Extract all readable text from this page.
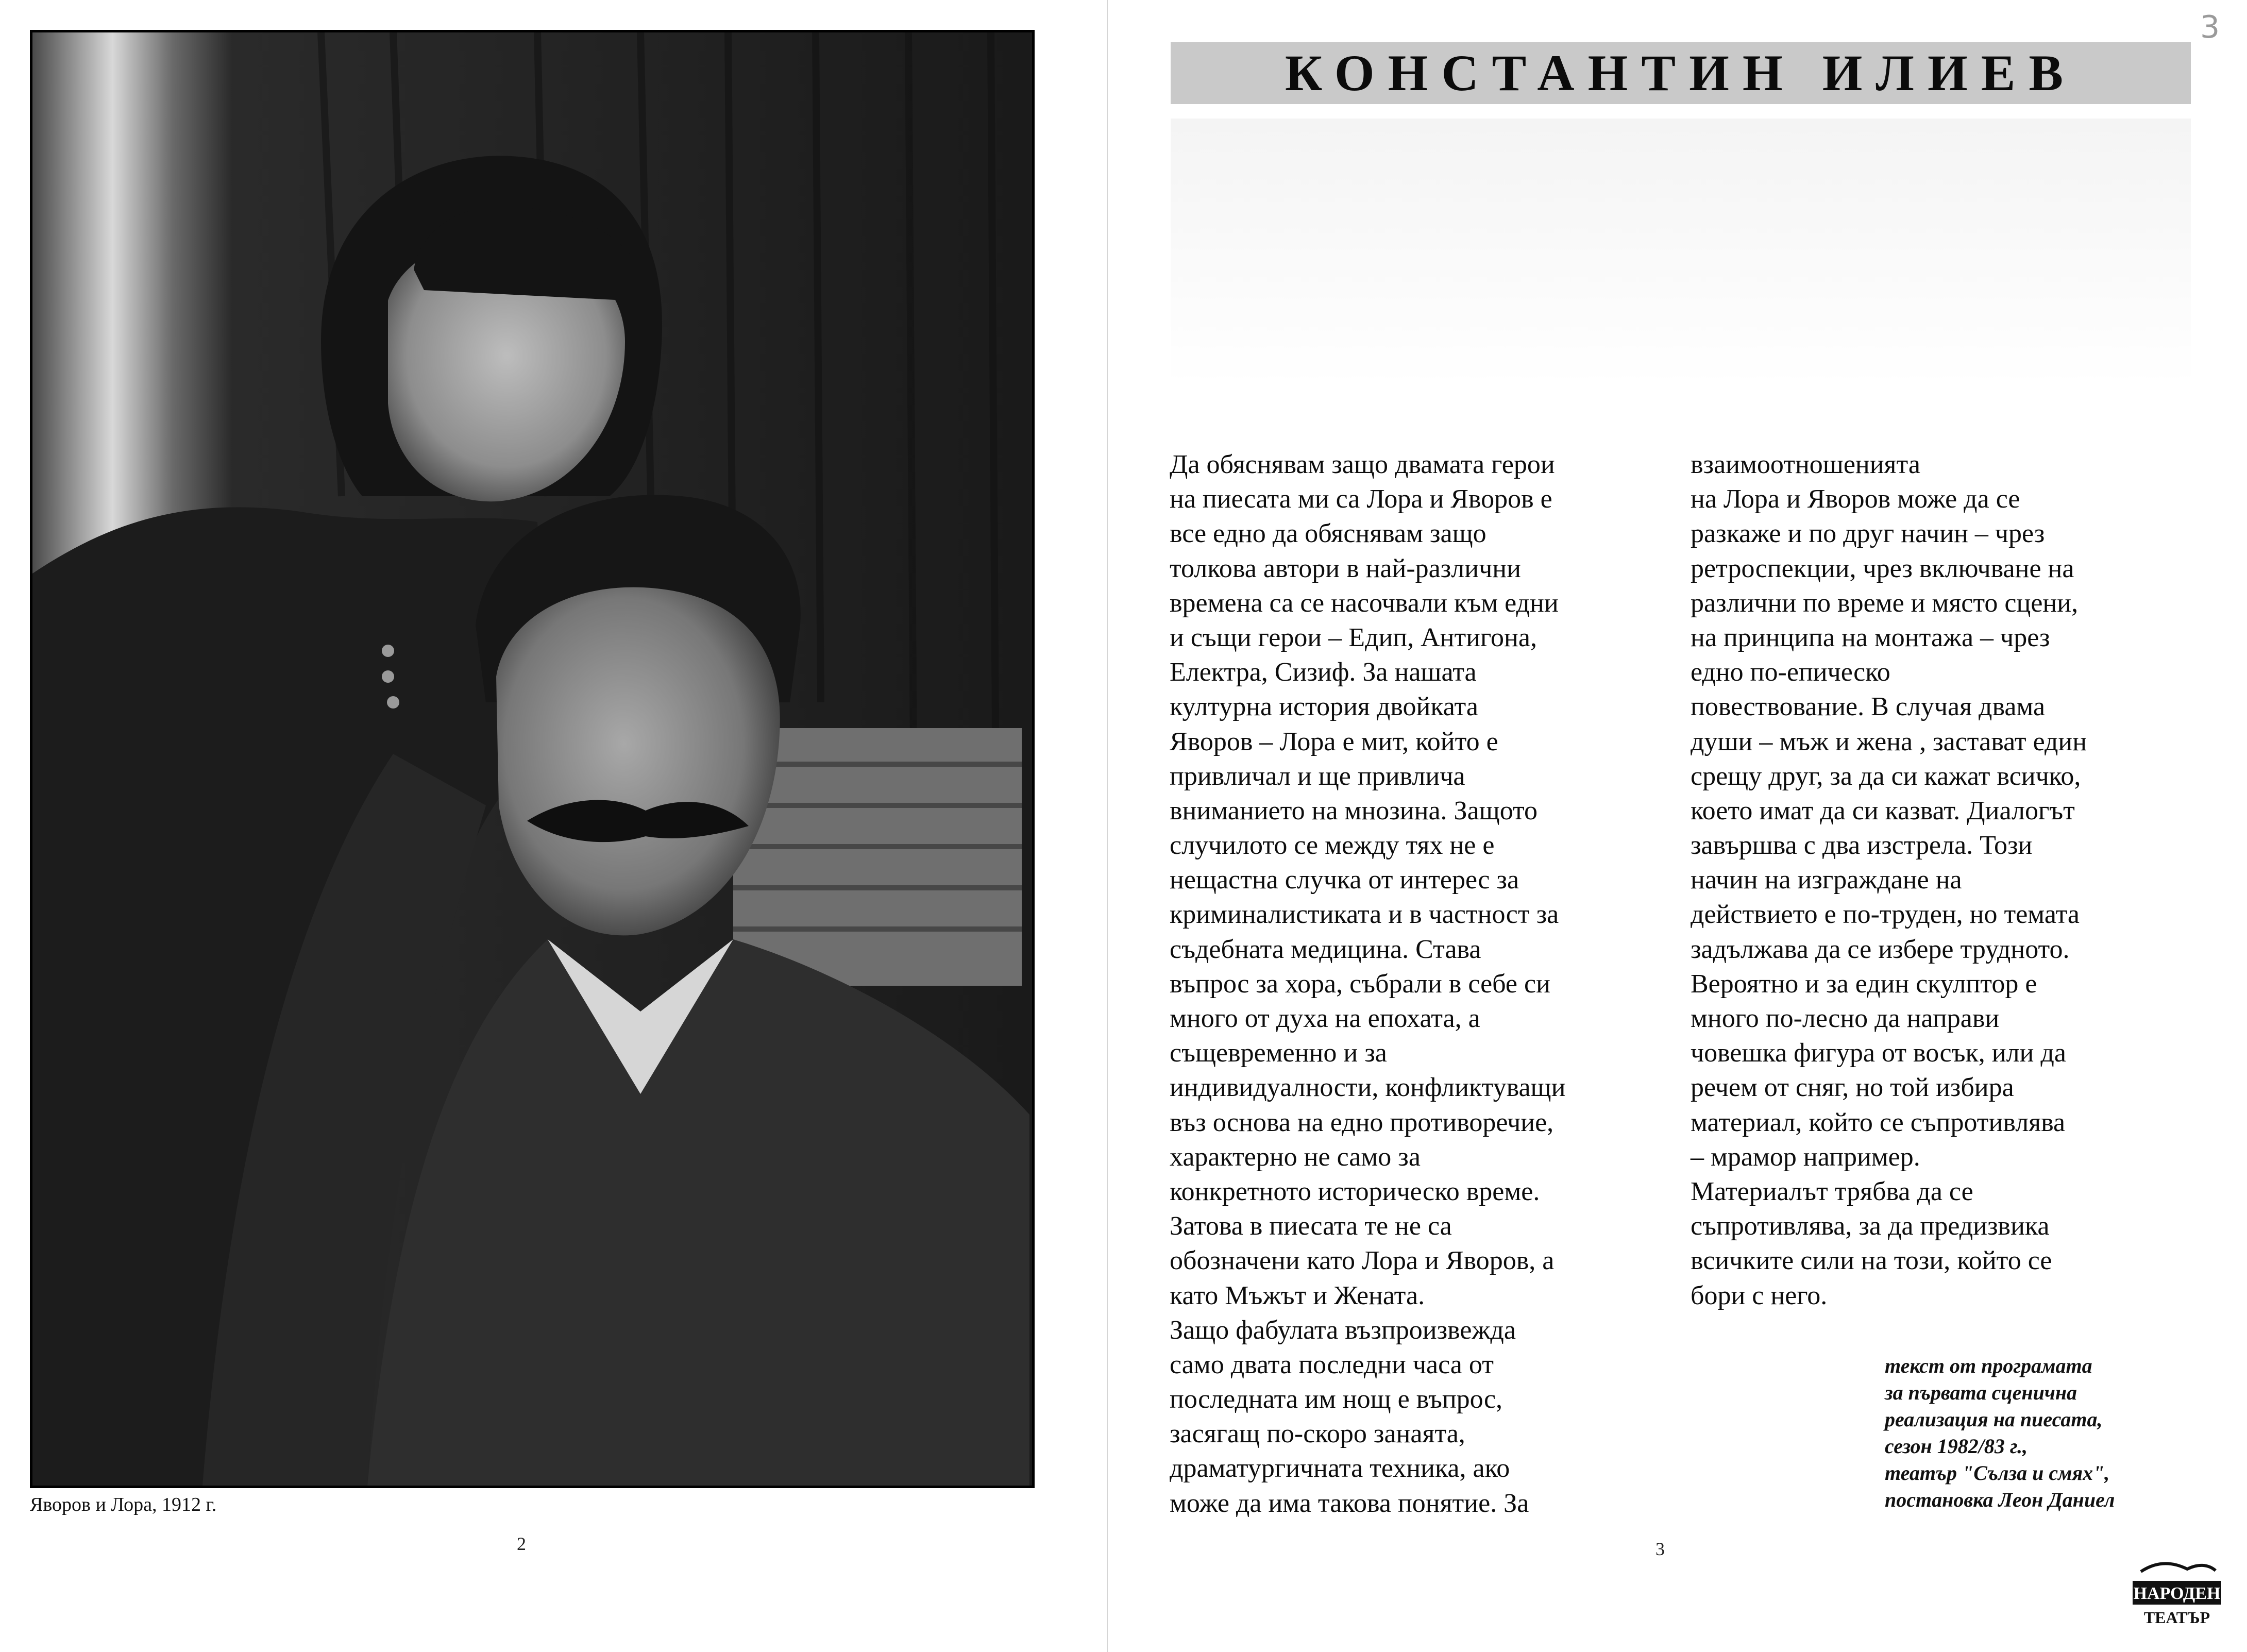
Яворов и Лора, 1912 г.
2
3
КОНСТАНТИН ИЛИЕВ
Да обяснявам защо двамата герои
на пиесата ми са Лора и Яворов е
все едно да обяснявам защо
толкова автори в най-различни
времена са се насочвали към едни
и същи герои – Едип, Антигона,
Електра, Сизиф. За нашата
културна история двойката
Яворов – Лора е мит, който е
привличал и ще привлича
вниманието на мнозина. Защото
случилото се между тях не е
нещастна случка от интерес за
криминалистиката и в частност за
съдебната медицина. Става
въпрос за хора, събрали в себе си
много от духа на епохата, а
същевременно и за
индивидуалности, конфликтуващи
въз основа на едно противоречие,
характерно не само за
конкретното историческо време.
Затова в пиесата те не са
обозначени като Лора и Яворов, а
като Мъжът и Жената.
Защо фабулата възпроизвежда
само двата последни часа от
последната им нощ е въпрос,
засягащ по-скоро занаята,
драматургичната техника, ако
може да има такова понятие. За
взаимоотношенията
на Лора и Яворов може да се
разкаже и по друг начин – чрез
ретроспекции, чрез включване на
различни по време и място сцени,
на принципа на монтажа – чрез
едно по-епическо
повествование. В случая двама
души – мъж и жена , застават един
срещу друг, за да си кажат всичко,
което имат да си казват. Диалогът
завършва с два изстрела. Този
начин на изграждане на
действието е по-труден, но темата
задължава да се избере трудното.
Вероятно и за един скулптор е
много по-лесно да направи
човешка фигура от восък, или да
речем от сняг, но той избира
материал, който се съпротивлява
– мрамор например.
Материалът трябва да се
съпротивлява, за да предизвика
всичките сили на този, който се
бори с него.
текст от програмата
за първата сценична
реализация на пиесата,
сезон 1982/83 г.,
театър "Сълза и смях",
постановка Леон Даниел
3
НАРОДЕН
ТЕАТЪР
